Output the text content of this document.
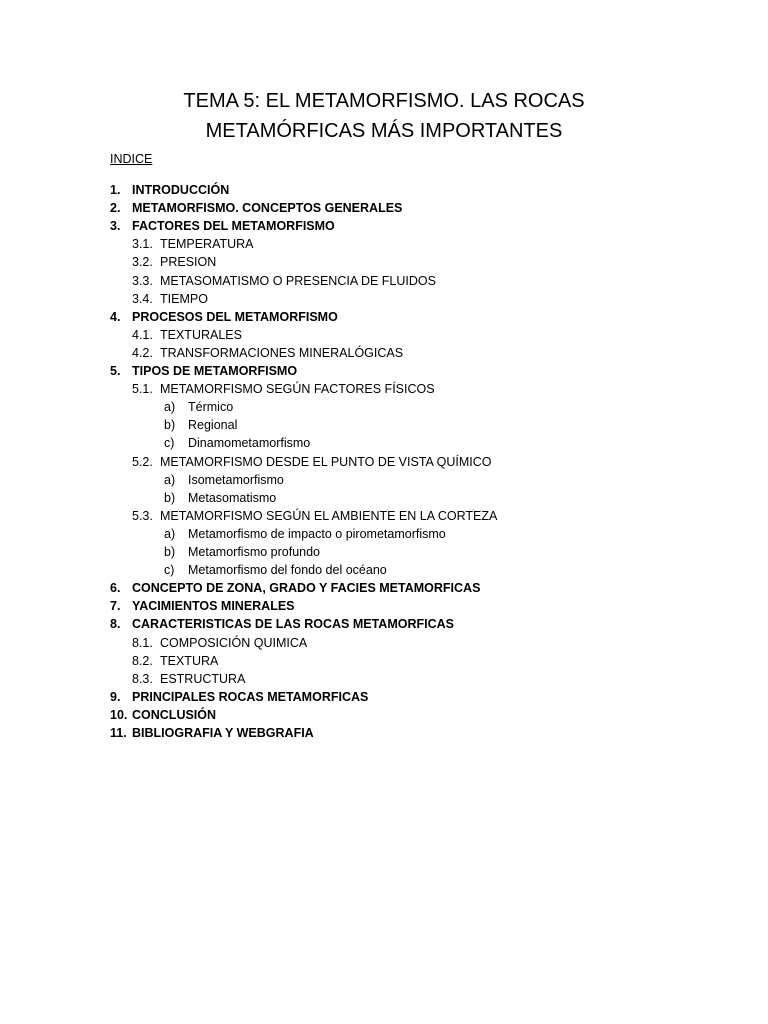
TEMA 5: EL METAMORFISMO. LAS ROCAS
METAMÓRFICAS MÁS IMPORTANTES

INDICE

1. INTRODUCCIÓN
2. METAMORFISMO. CONCEPTOS GENERALES
3. FACTORES DEL METAMORFISMO
3.1. TEMPERATURA
3.2. PRESION
3.3. METASOMATISMO O PRESENCIA DE FLUIDOS
3.4. TIEMPO
4. PROCESOS DEL METAMORFISMO
4.1. TEXTURALES
4.2. TRANSFORMACIONES MINERALÓGICAS
5. TIPOS DE METAMORFISMO
5.1. METAMORFISMO SEGÚN FACTORES FÍSICOS
a) Térmico
b) Regional
c) Dinamometamorfismo
5.2. METAMORFISMO DESDE EL PUNTO DE VISTA QUÍMICO
a) Isometamorfismo
b) Metasomatismo
5.3. METAMORFISMO SEGÚN EL AMBIENTE EN LA CORTEZA
a) Metamorfismo de impacto o pirometamorfismo
b) Metamorfismo profundo
c) Metamorfismo del fondo del océano
6. CONCEPTO DE ZONA, GRADO Y FACIES METAMORFICAS
7. YACIMIENTOS MINERALES
8. CARACTERISTICAS DE LAS ROCAS METAMORFICAS
8.1. COMPOSICIÓN QUIMICA
8.2. TEXTURA
8.3. ESTRUCTURA
9. PRINCIPALES ROCAS METAMORFICAS
10. CONCLUSIÓN
11. BIBLIOGRAFIA Y WEBGRAFIA
